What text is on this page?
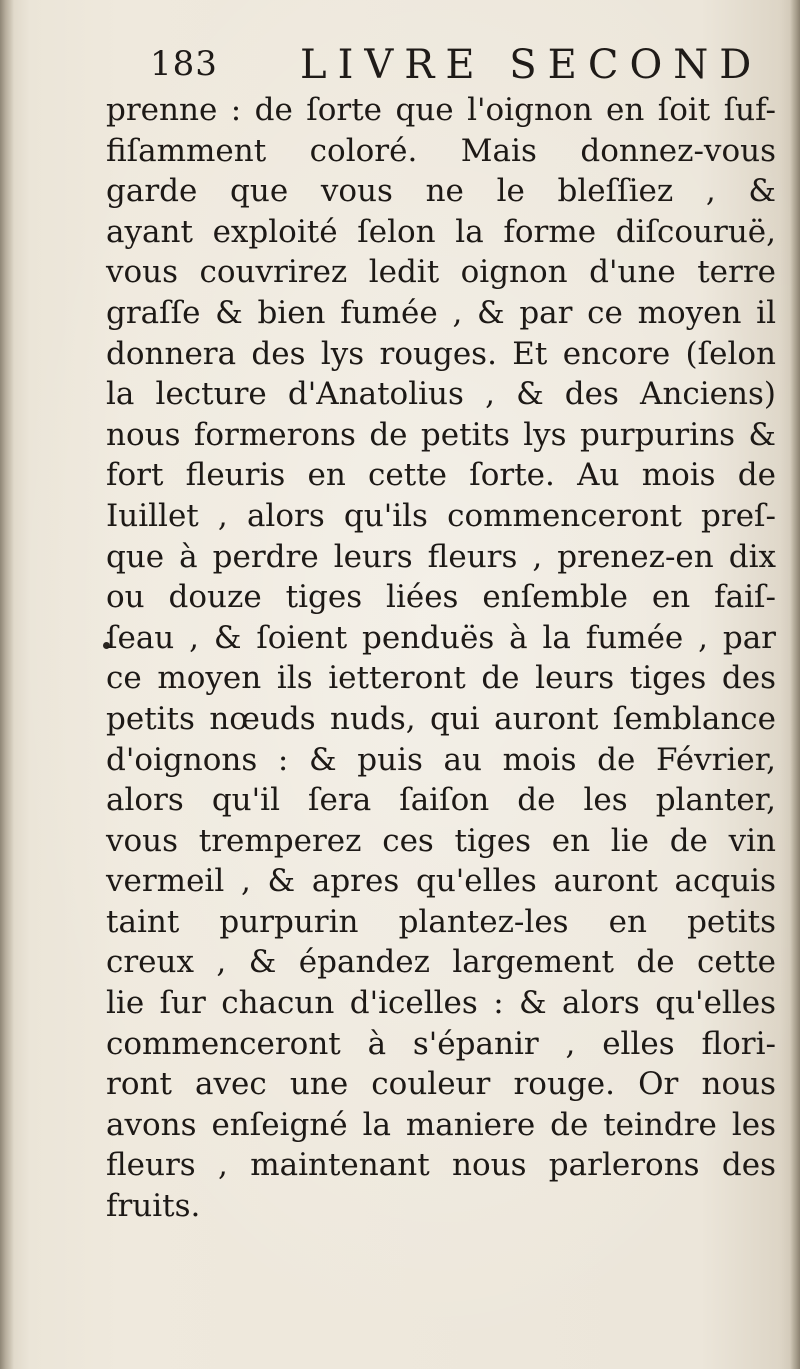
183 LIVRE SECOND
prenne : de ſorte que l'oignon en ſoit ſuf-
fiſamment coloré. Mais donnez-vous
garde que vous ne le bleſſiez , &
ayant exploité ſelon la forme diſcouruë,
vous couvrirez ledit oignon d'une terre
graſſe & bien fumée , & par ce moyen il
donnera des lys rouges. Et encore (ſelon
la lecture d'Anatolius , & des Anciens)
nous formerons de petits lys purpurins &
fort fleuris en cette ſorte. Au mois de
Iuillet , alors qu'ils commenceront preſ-
que à perdre leurs fleurs , prenez-en dix
ou douze tiges liées enſemble en faiſ-
ſeau , & ſoient penduës à la fumée , par
ce moyen ils ietteront de leurs tiges des
petits nœuds nuds, qui auront ſemblance
d'oignons : & puis au mois de Février,
alors qu'il ſera ſaiſon de les planter,
vous tremperez ces tiges en lie de vin
vermeil , & apres qu'elles auront acquis
taint purpurin plantez-les en petits
creux , & épandez largement de cette
lie ſur chacun d'icelles : & alors qu'elles
commenceront à s'épanir , elles flori-
ront avec une couleur rouge. Or nous
avons enſeigné la maniere de teindre les
fleurs , maintenant nous parlerons des
fruits.
